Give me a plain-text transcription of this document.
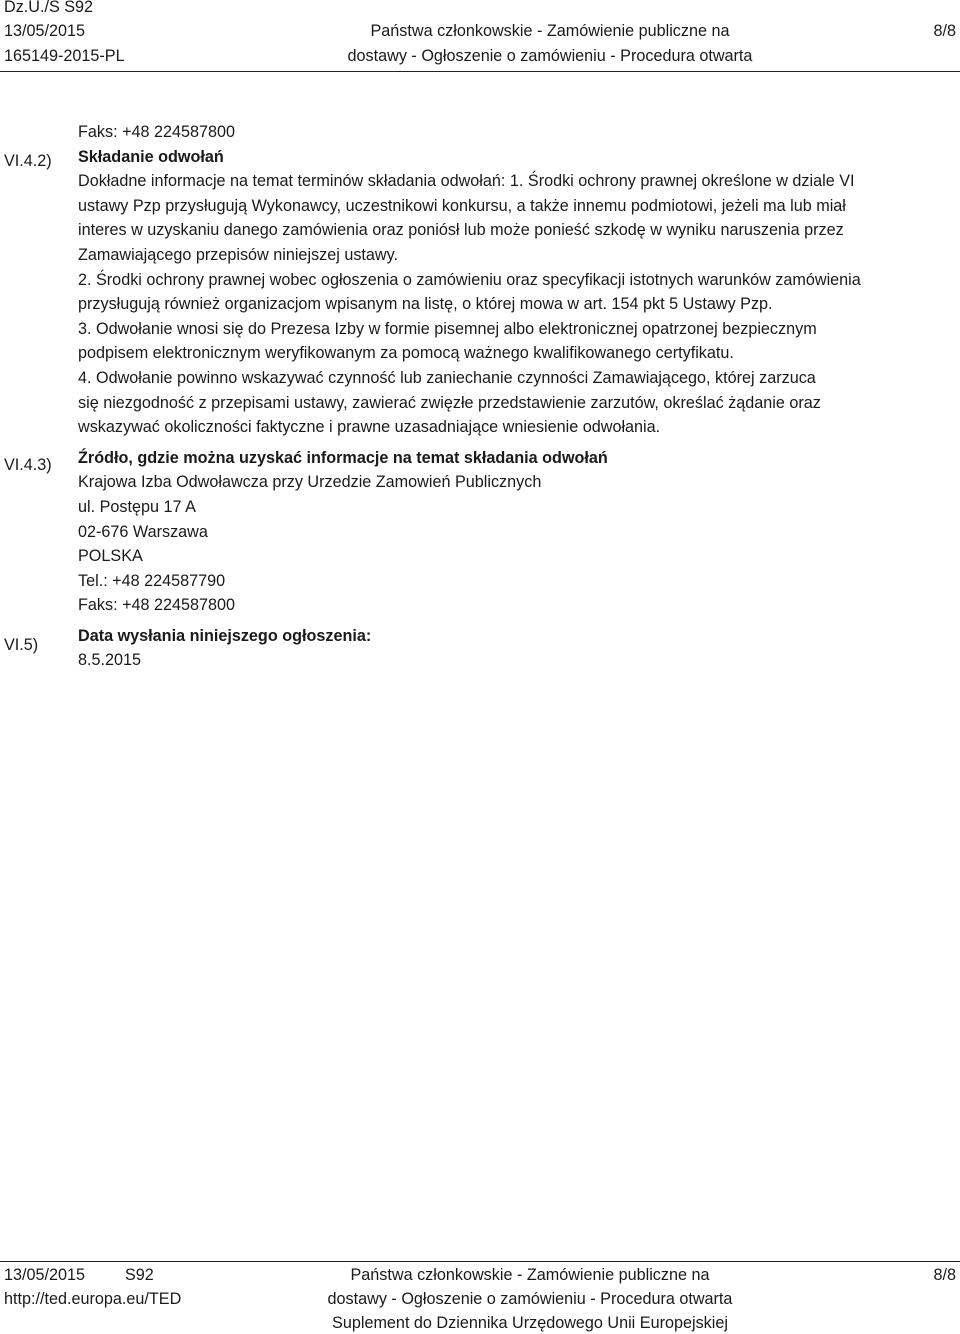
Dz.U./S S92
13/05/2015
165149-2015-PL
Państwa członkowskie - Zamówienie publiczne na
dostawy - Ogłoszenie o zamówieniu - Procedura otwarta
8/8
VI.4.2)
VI.4.3)
VI.5)
Faks: +48 224587800
Składanie odwołań
Dokładne informacje na temat terminów składania odwołań: 1. Środki ochrony prawnej określone w dziale VI
ustawy Pzp przysługują Wykonawcy, uczestnikowi konkursu, a także innemu podmiotowi, jeżeli ma lub miał
interes w uzyskaniu danego zamówienia oraz poniósł lub może ponieść szkodę w wyniku naruszenia przez
Zamawiającego przepisów niniejszej ustawy.
2. Środki ochrony prawnej wobec ogłoszenia o zamówieniu oraz specyfikacji istotnych warunków zamówienia
przysługują również organizacjom wpisanym na listę, o której mowa w art. 154 pkt 5 Ustawy Pzp.
3. Odwołanie wnosi się do Prezesa Izby w formie pisemnej albo elektronicznej opatrzonej bezpiecznym
podpisem elektronicznym weryfikowanym za pomocą ważnego kwalifikowanego certyfikatu.
4. Odwołanie powinno wskazywać czynność lub zaniechanie czynności Zamawiającego, której zarzuca
się niezgodność z przepisami ustawy, zawierać zwięzłe przedstawienie zarzutów, określać żądanie oraz
wskazywać okoliczności faktyczne i prawne uzasadniające wniesienie odwołania.
Źródło, gdzie można uzyskać informacje na temat składania odwołań
Krajowa Izba Odwoławcza przy Urzedzie Zamowień Publicznych
ul. Postępu 17 A
02-676 Warszawa
POLSKA
Tel.: +48 224587790
Faks: +48 224587800
Data wysłania niniejszego ogłoszenia:
8.5.2015
13/05/2015 S92
http://ted.europa.eu/TED
Państwa członkowskie - Zamówienie publiczne na
dostawy - Ogłoszenie o zamówieniu - Procedura otwarta
Suplement do Dziennika Urzędowego Unii Europejskiej
8/8
